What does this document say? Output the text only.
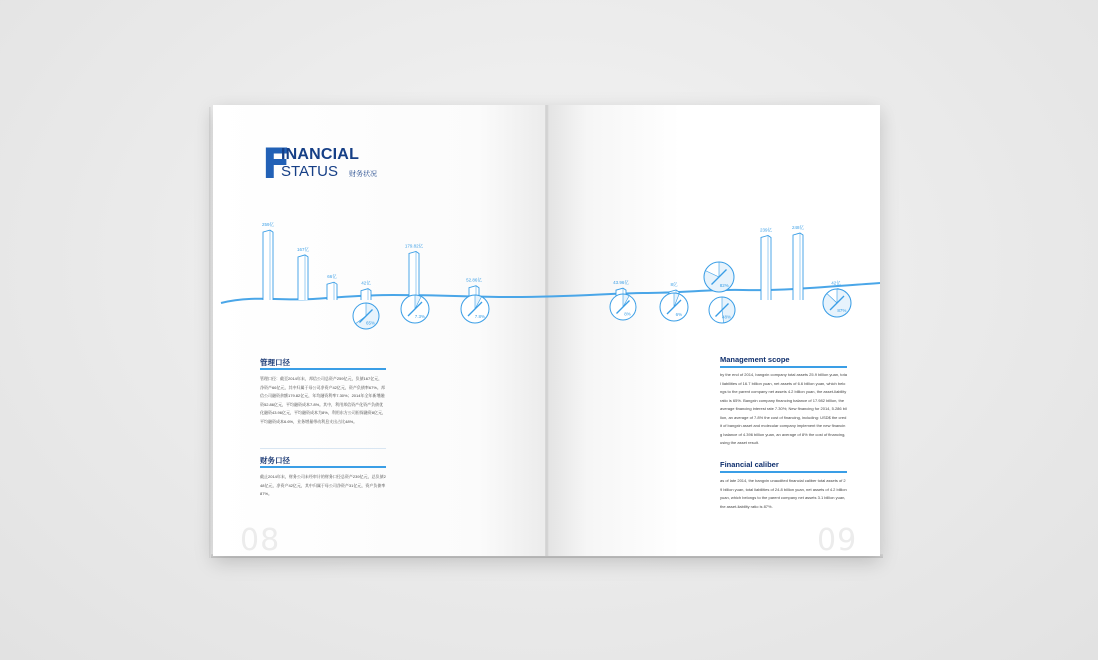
F
INANCIAL
STATUS 财务状况
管理口径
管理口径：截至2014年末，邦信公司总资产259亿元，负债167亿元，净资产66亿元，其中归属于母公司净资产42亿元，资产负债率67%。邦信公司融资余额179.82亿元，年均融资利率7.30%；2014年全年新增融资52.86亿元，平均融资成本7.8%。其中，利用邦信资产化资产负债优化融资43.96亿元，平均融资成本为8%，利用东方公司担保融资8亿元，平均融资成本6.6%，业务增量带动利息支出占比48%。
财务口径
截止2014年末，财务公司未经审计的财务口径总资产239亿元，总负债248亿元，净资产42亿元，其中归属于母公司净资产31亿元，资产负债率87%。
08
Management scope
by the end of 2014, bangxin company total assets 25.9 billion yuan, total liabilities of 16.7 billion yuan, net assets of 6.6 billion yuan, which belongs to the parent company net assets 4.2 billion yuan, the asset-liability ratio is 65%. Bangxin company financing balance of 17.982 billion, the average financing interest rate 7.30%; New financing for 2014, 5.286 billion, an average of 7.8% the cost of financing, including: USD$ the credit of bangxin asset and molecular company implement the new financing balance of 4.396 billion yuan, an average of 8% the cost of financing, using the asset result.
Financial caliber
as of late 2014, the bangxin unaudited financial caliber total assets of 29 billion yuan, total liabilities of 24.8 billion yuan, net assets of 4.2 billion yuan, which belongs to the parent company net assets 3.1 billion yuan, the asset-liability ratio is 87%.
09
259亿
167亿
66亿
42亿
179.82亿
52.86亿	43.96亿	8亿
239亿	248亿
42亿
65%
7.3%	7.8%
8%	6%
82%
48%
87%
